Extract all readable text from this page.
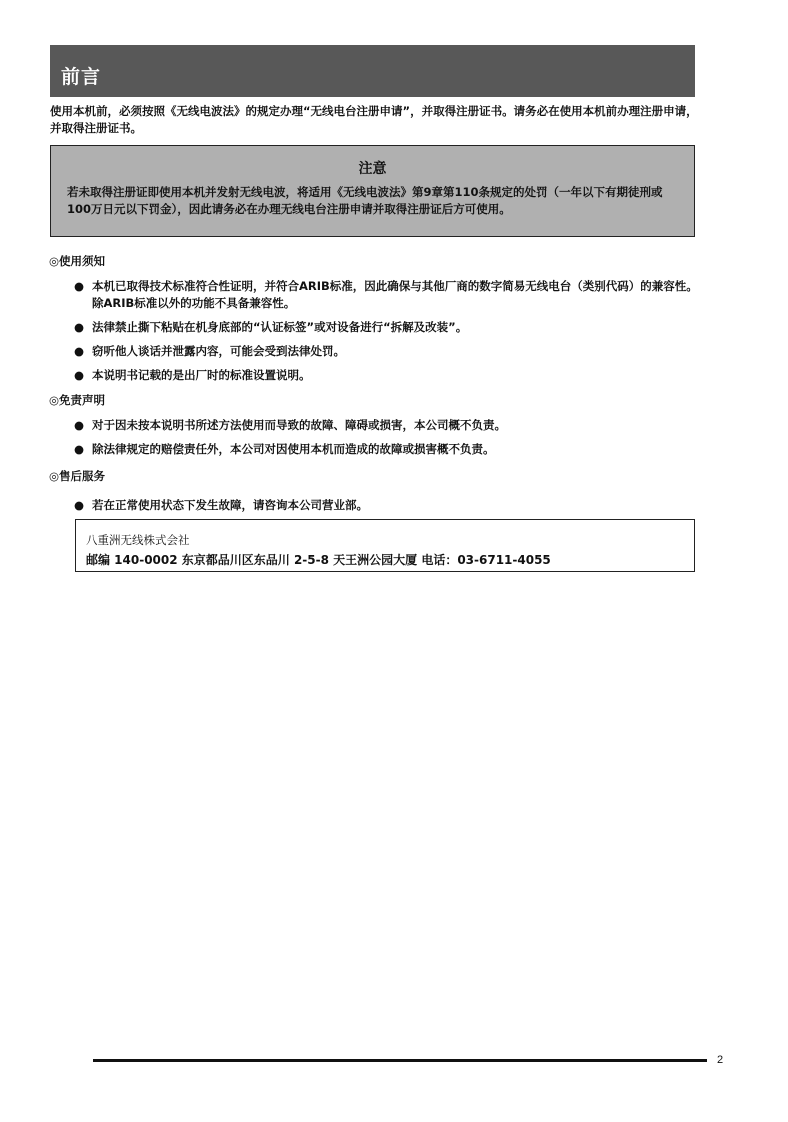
前言
使用本机前，必须按照《无线电波法》的规定办理“无线电台注册申请”，并取得注册证书。请务必在使用本机前办理注册申请，并取得注册证书。
注意
若未取得注册证即使用本机并发射无线电波，将适用《无线电波法》第9章第110条规定的处罚（一年以下有期徒刑或100万日元以下罚金），因此请务必在办理无线电台注册申请并取得注册证后方可使用。
◎使用须知
● 本机已取得技术标准符合性证明，并符合ARIB标准，因此确保与其他厂商的数字简易无线电台（类别代码）的兼容性。除ARIB标准以外的功能不具备兼容性。
● 法律禁止撕下粘贴在机身底部的“认证标签”或对设备进行“拆解及改装”。
● 窃听他人谈话并泄露内容，可能会受到法律处罚。
● 本说明书记载的是出厂时的标准设置说明。
◎免责声明
● 对于因未按本说明书所述方法使用而导致的故障、障碍或损害，本公司概不负责。
● 除法律规定的赔偿责任外，本公司对因使用本机而造成的故障或损害概不负责。
◎售后服务
● 若在正常使用状态下发生故障，请咨询本公司营业部。
八重洲无线株式会社
邮编 140-0002 东京都品川区东品川 2-5-8 天王洲公园大厦 电话：03-6711-4055
2
